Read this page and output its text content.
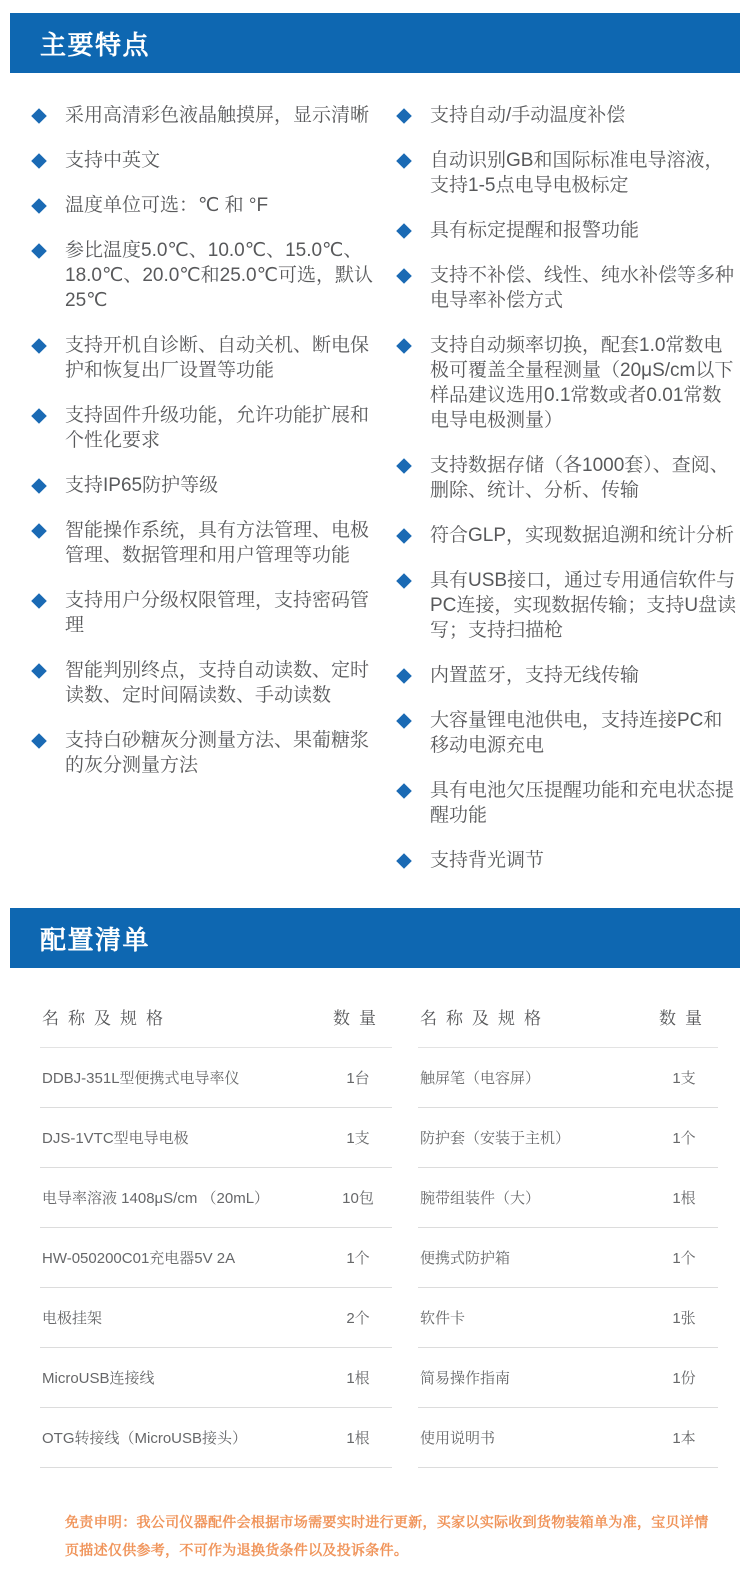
主要特点
采用高清彩色液晶触摸屏，显示清晰
支持中英文
温度单位可选：℃ 和 °F
参比温度5.0℃、10.0℃、15.0℃、18.0℃、20.0℃和25.0℃可选，默认25℃
支持开机自诊断、自动关机、断电保护和恢复出厂设置等功能
支持固件升级功能，允许功能扩展和个性化要求
支持IP65防护等级
智能操作系统，具有方法管理、电极管理、数据管理和用户管理等功能
支持用户分级权限管理，支持密码管理
智能判别终点，支持自动读数、定时读数、定时间隔读数、手动读数
支持白砂糖灰分测量方法、果葡糖浆的灰分测量方法
支持自动/手动温度补偿
自动识别GB和国际标准电导溶液，支持1-5点电导电极标定
具有标定提醒和报警功能
支持不补偿、线性、纯水补偿等多种电导率补偿方式
支持自动频率切换，配套1.0常数电极可覆盖全量程测量（20μS/cm以下样品建议选用0.1常数或者0.01常数电导电极测量）
支持数据存储（各1000套）、查阅、删除、统计、分析、传输
符合GLP，实现数据追溯和统计分析
具有USB接口，通过专用通信软件与PC连接，实现数据传输；支持U盘读写；支持扫描枪
内置蓝牙，支持无线传输
大容量锂电池供电，支持连接PC和移动电源充电
具有电池欠压提醒功能和充电状态提醒功能
支持背光调节
配置清单
名称及规格	数量
DDBJ-351L型便携式电导率仪	1台
DJS-1VTC型电导电极	1支
电导率溶液 1408μS/cm （20mL）	10包
HW-050200C01充电器5V 2A	1个
电极挂架	2个
MicroUSB连接线	1根
OTG转接线（MicroUSB接头）	1根
名称及规格	数量
触屏笔（电容屏）	1支
防护套（安装于主机）	1个
腕带组装件（大）	1根
便携式防护箱	1个
软件卡	1张
简易操作指南	1份
使用说明书	1本

免责申明：我公司仪器配件会根据市场需要实时进行更新，买家以实际收到货物装箱单为准，宝贝详情页描述仅供参考，不可作为退换货条件以及投诉条件。
